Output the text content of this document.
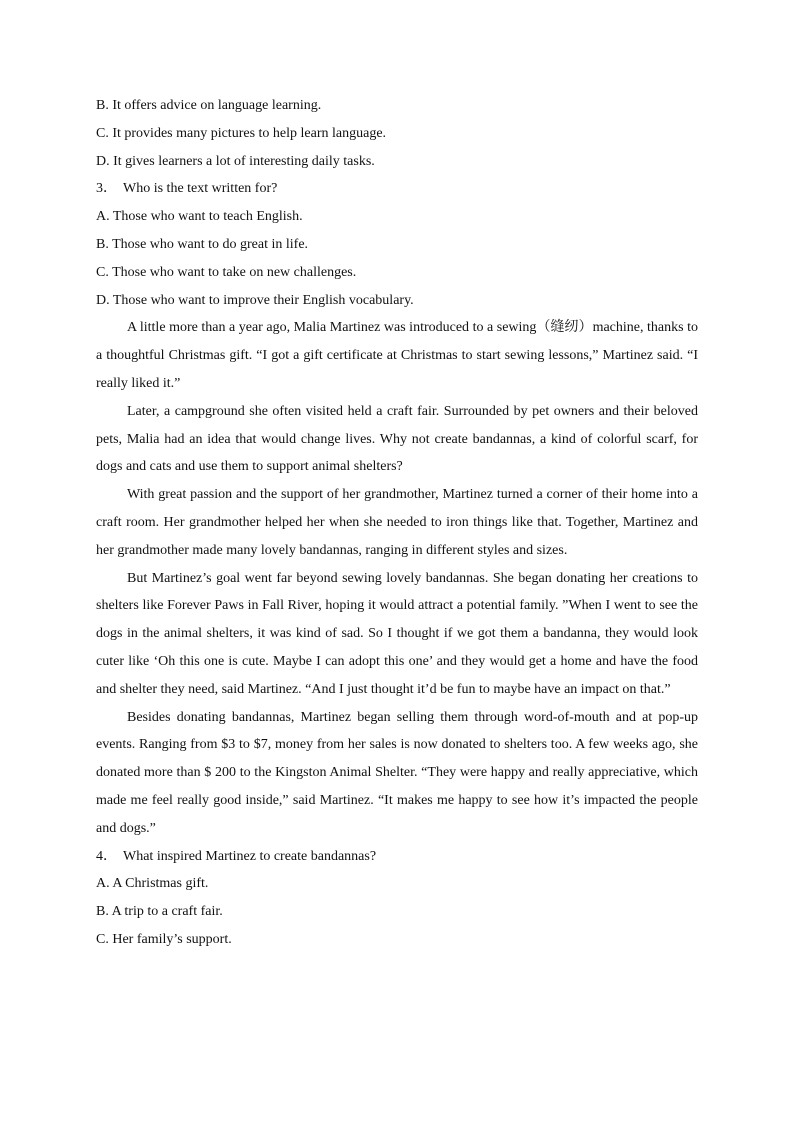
B. It offers advice on language learning.

C. It provides many pictures to help learn language.

D. It gives learners a lot of interesting daily tasks.

3． Who is the text written for?

A. Those who want to teach English.

B. Those who want to do great in life.

C. Those who want to take on new challenges.

D. Those who want to improve their English vocabulary.

A little more than a year ago, Malia Martinez was introduced to a sewing（缝纫）machine, thanks to a thoughtful Christmas gift. “I got a gift certificate at Christmas to start sewing lessons,” Martinez said. “I really liked it.”

Later, a campground she often visited held a craft fair. Surrounded by pet owners and their beloved pets, Malia had an idea that would change lives. Why not create bandannas, a kind of colorful scarf, for dogs and cats and use them to support animal shelters?

With great passion and the support of her grandmother, Martinez turned a corner of their home into a craft room. Her grandmother helped her when she needed to iron things like that. Together, Martinez and her grandmother made many lovely bandannas, ranging in different styles and sizes.

But Martinez’s goal went far beyond sewing lovely bandannas. She began donating her creations to shelters like Forever Paws in Fall River, hoping it would attract a potential family. ”When I went to see the dogs in the animal shelters, it was kind of sad. So I thought if we got them a bandanna, they would look cuter like ‘Oh this one is cute. Maybe I can adopt this one’ and they would get a home and have the food and shelter they need, said Martinez. “And I just thought it’d be fun to maybe have an impact on that.”

Besides donating bandannas, Martinez began selling them through word-of-mouth and at pop-up events. Ranging from $3 to $7, money from her sales is now donated to shelters too. A few weeks ago, she donated more than $ 200 to the Kingston Animal Shelter. “They were happy and really appreciative, which made me feel really good inside,” said Martinez. “It makes me happy to see how it’s impacted the people and dogs.”

4． What inspired Martinez to create bandannas?

A. A Christmas gift.

B. A trip to a craft fair.

C. Her family’s support.
